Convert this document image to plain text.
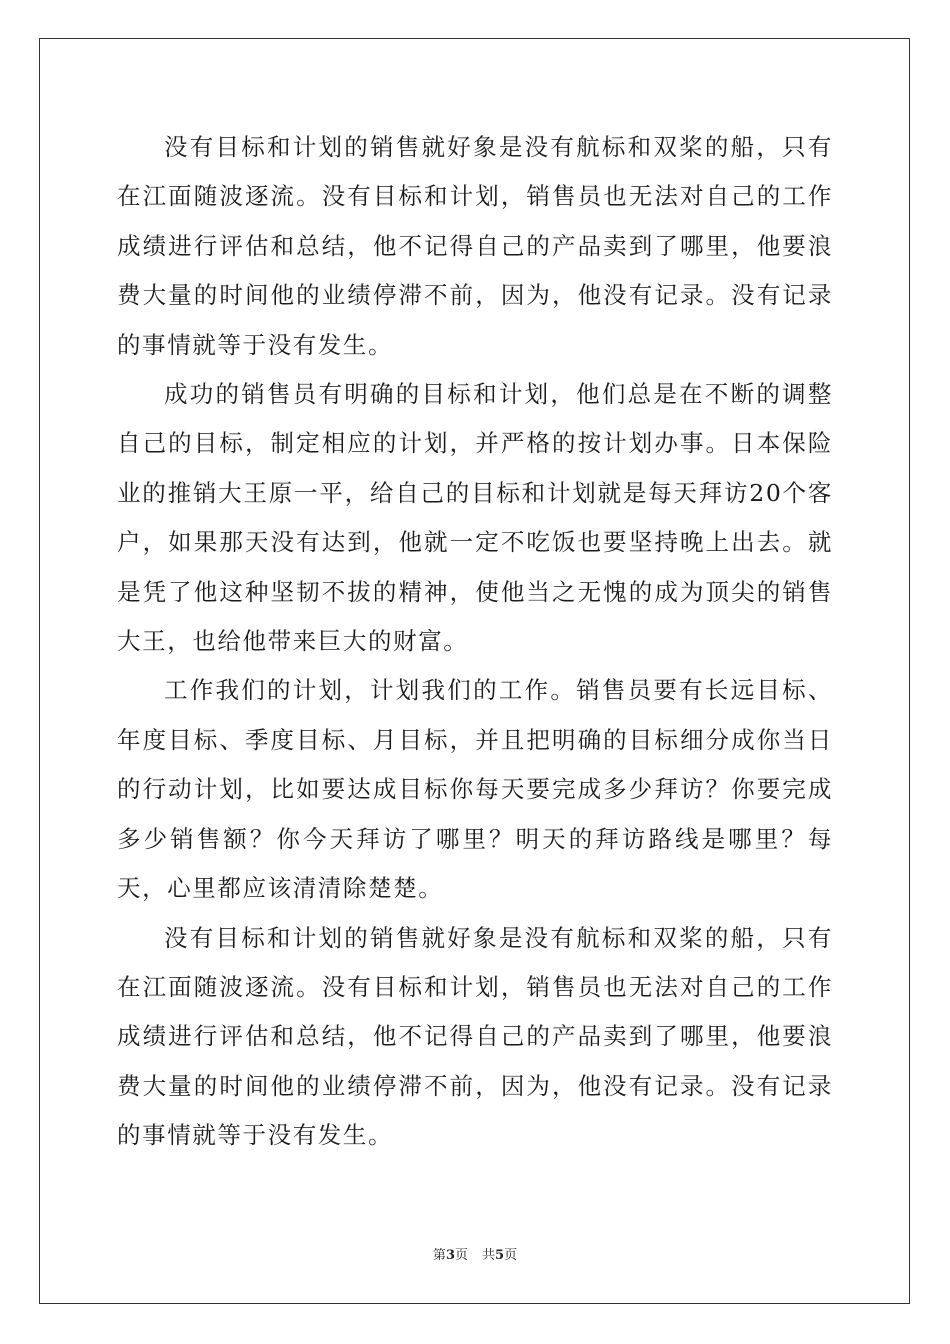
没有目标和计划的销售就好象是没有航标和双桨的船，只有在江面随波逐流。没有目标和计划，销售员也无法对自己的工作成绩进行评估和总结，他不记得自己的产品卖到了哪里，他要浪费大量的时间他的业绩停滞不前，因为，他没有记录。没有记录的事情就等于没有发生。

成功的销售员有明确的目标和计划，他们总是在不断的调整自己的目标，制定相应的计划，并严格的按计划办事。日本保险业的推销大王原一平，给自己的目标和计划就是每天拜访20个客户，如果那天没有达到，他就一定不吃饭也要坚持晚上出去。就是凭了他这种坚韧不拔的精神，使他当之无愧的成为顶尖的销售大王，也给他带来巨大的财富。

工作我们的计划，计划我们的工作。销售员要有长远目标、年度目标、季度目标、月目标，并且把明确的目标细分成你当日的行动计划，比如要达成目标你每天要完成多少拜访？你要完成多少销售额？你今天拜访了哪里？明天的拜访路线是哪里？每天，心里都应该清清除楚楚。

没有目标和计划的销售就好象是没有航标和双桨的船，只有在江面随波逐流。没有目标和计划，销售员也无法对自己的工作成绩进行评估和总结，他不记得自己的产品卖到了哪里，他要浪费大量的时间他的业绩停滞不前，因为，他没有记录。没有记录的事情就等于没有发生。

第3页 共5页
